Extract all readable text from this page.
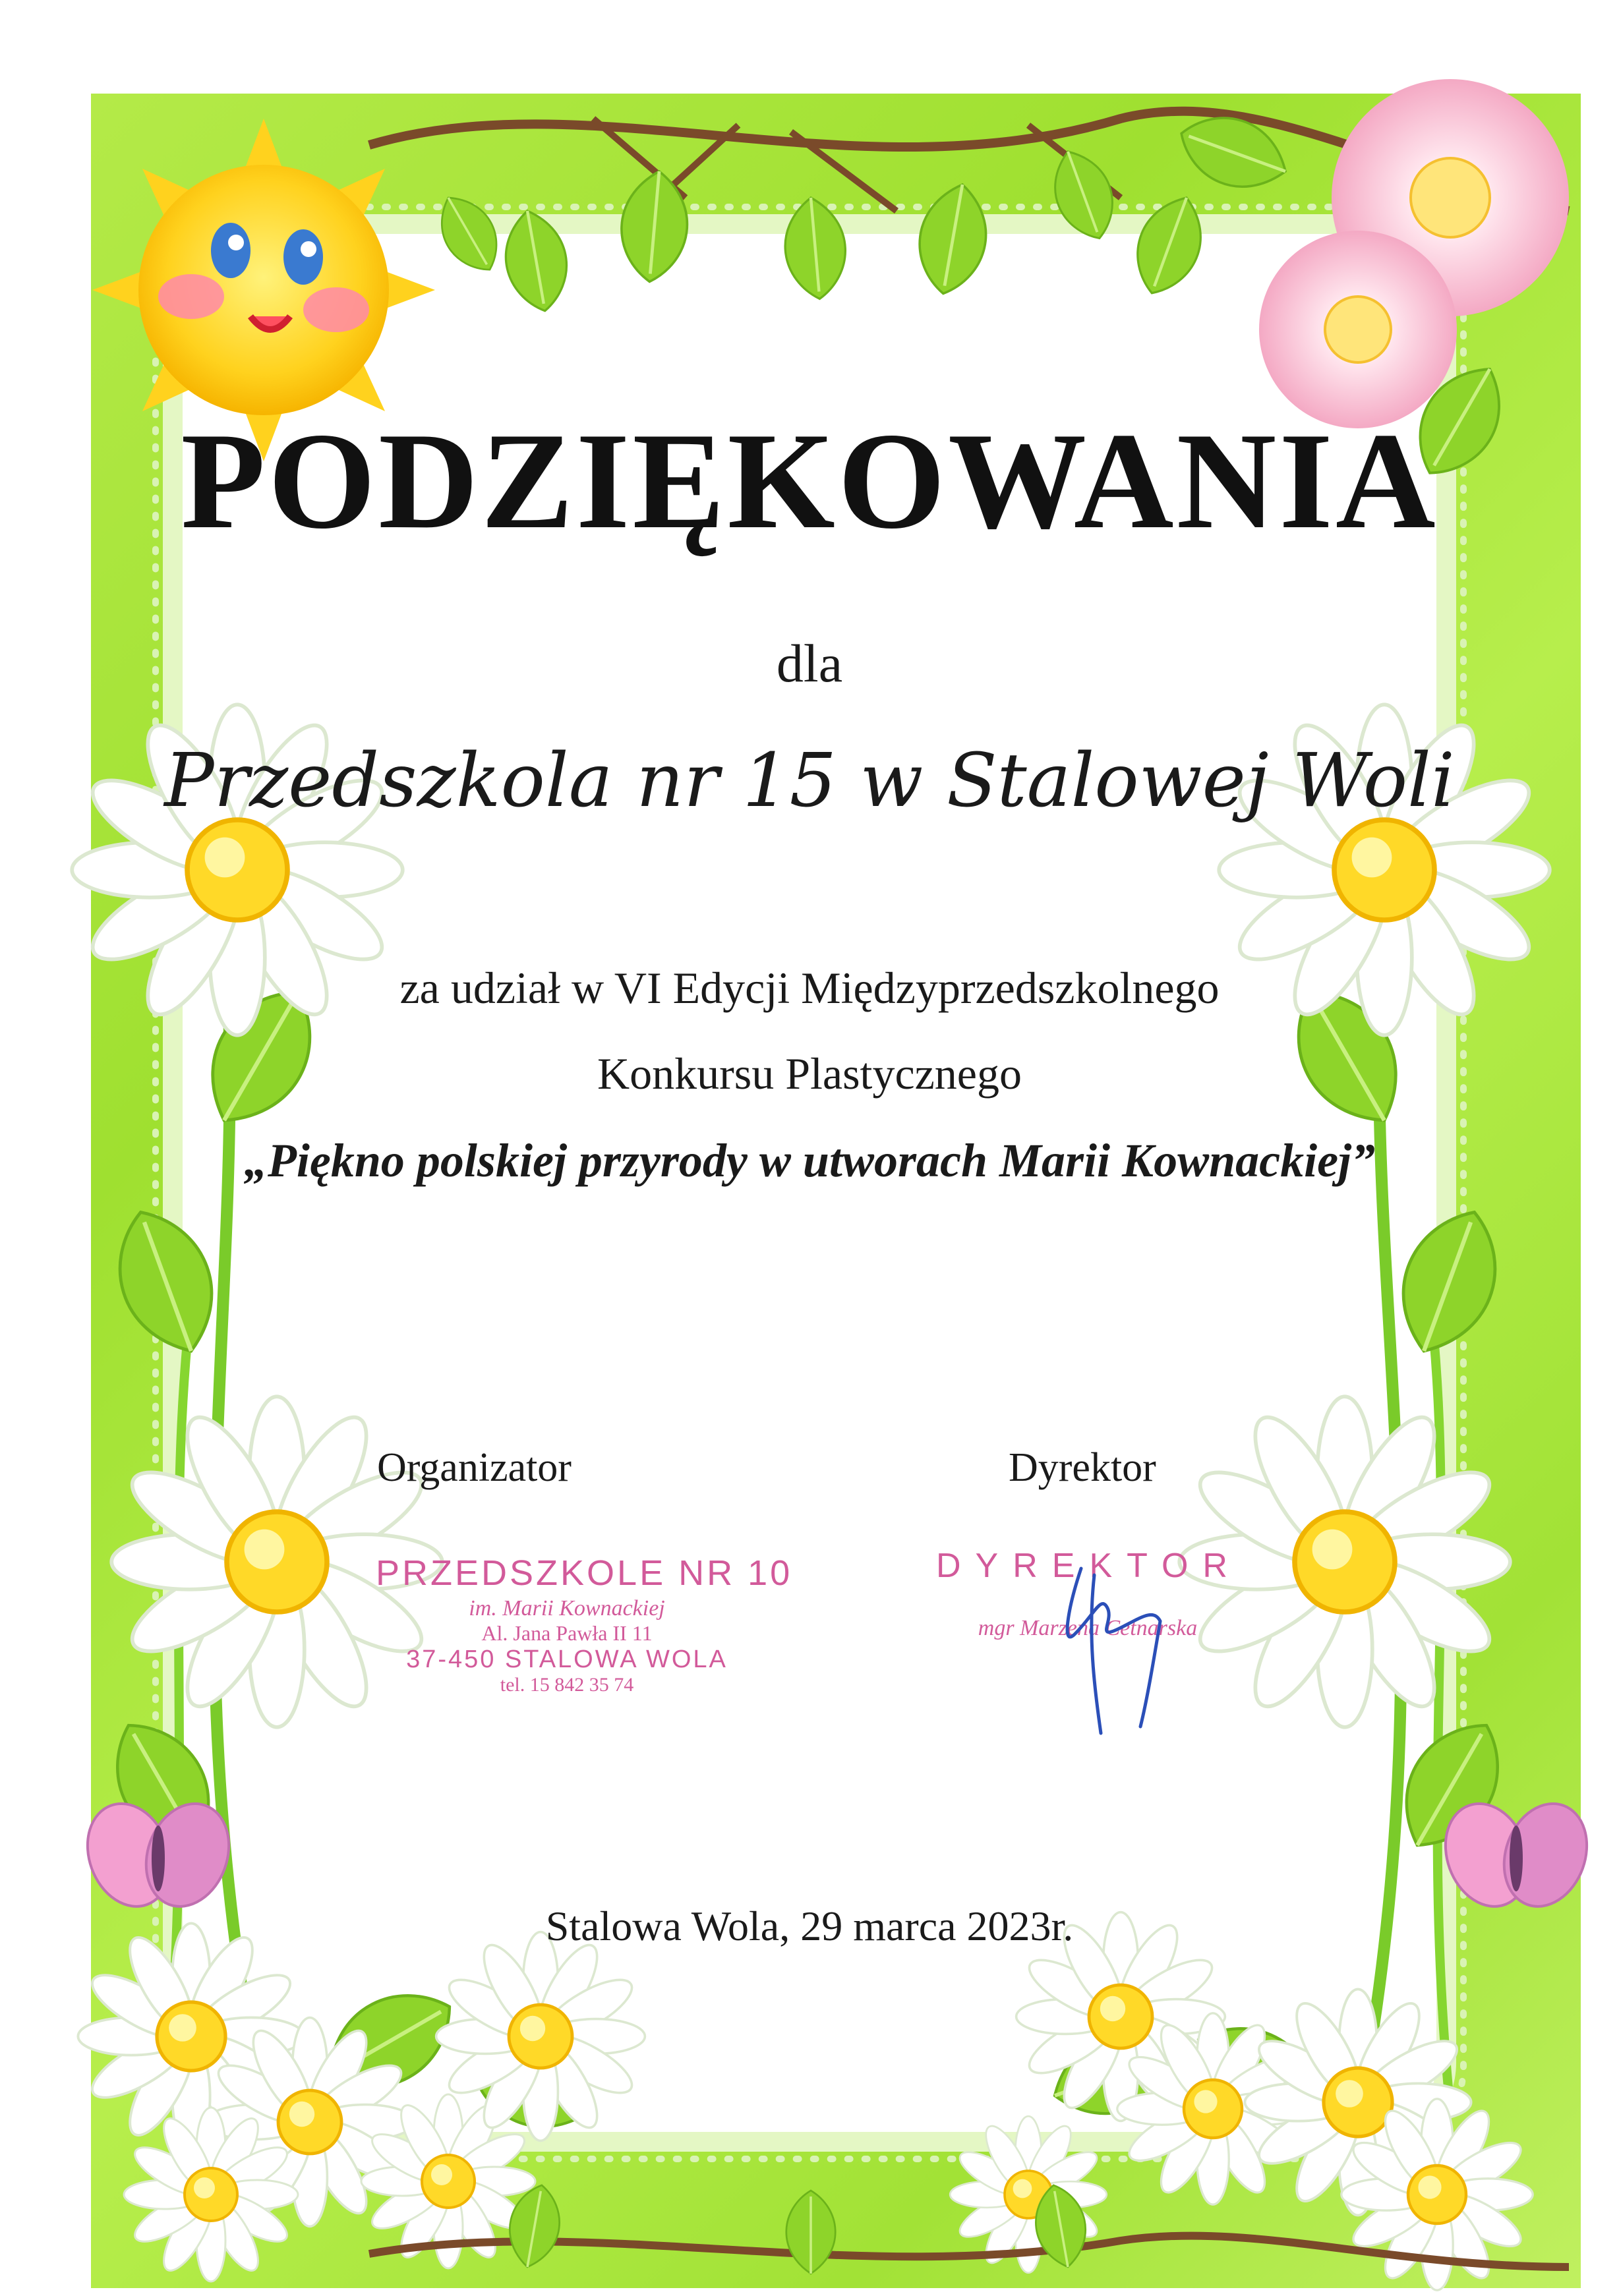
PODZIĘKOWANIA
dla
Przedszkola nr 15 w Stalowej Woli
za udział w VI Edycji Międzyprzedszkolnego
Konkursu Plastycznego
„Piękno polskiej przyrody w utworach Marii Kownackiej”
Organizator	Dyrektor
PRZEDSZKOLE NR 10
im. Marii Kownackiej
Al. Jana Pawła II 11
37-450 STALOWA WOLA
tel. 15 842 35 74
DYREKTOR
mgr Marzena Cetnarska
Stalowa Wola, 29 marca 2023r.
